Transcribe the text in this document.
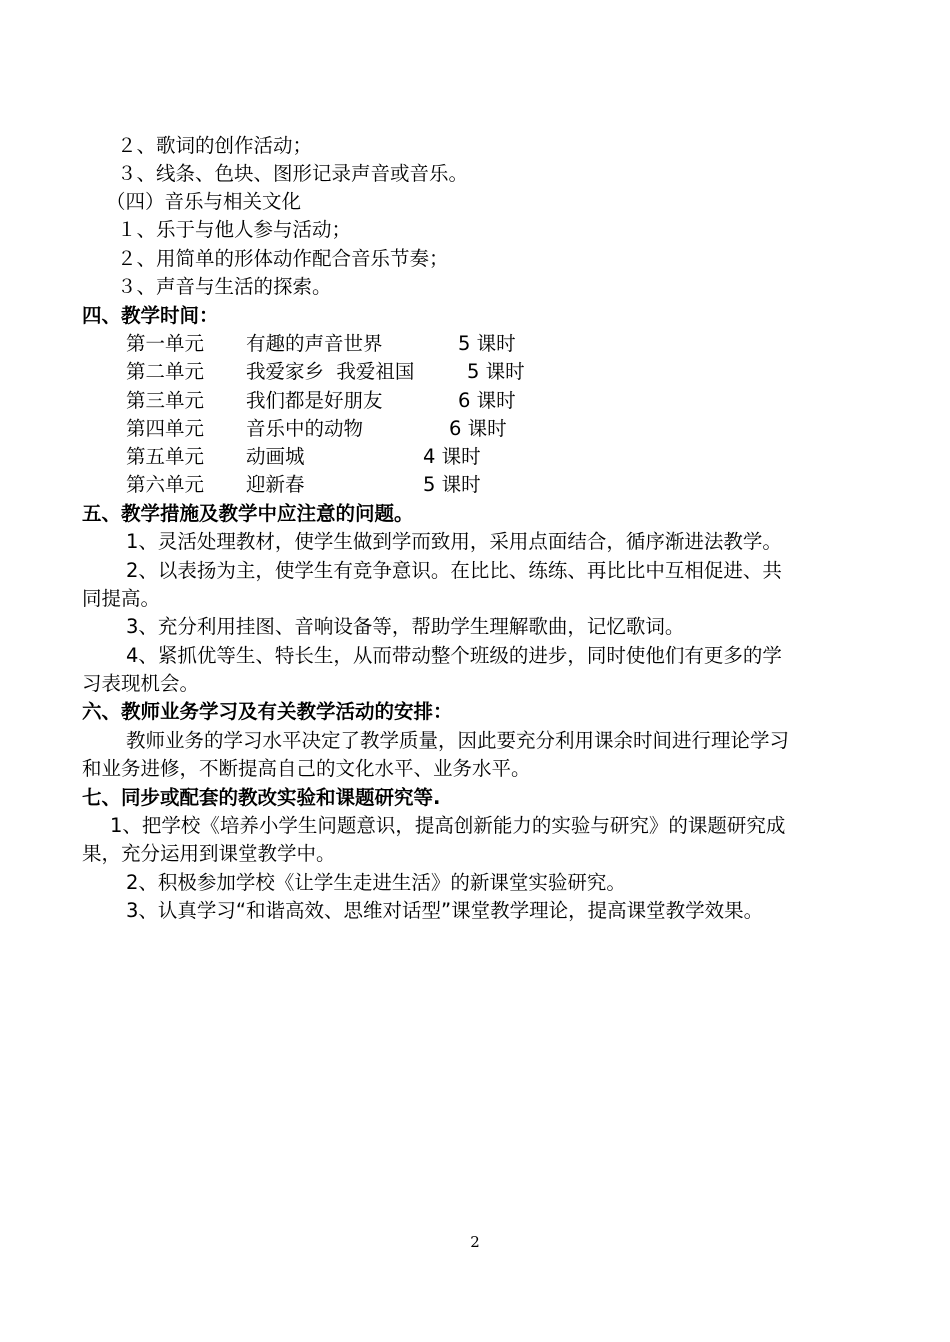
２、歌词的创作活动；
３、线条、色块、图形记录声音或音乐。
（四）音乐与相关文化
１、乐于与他人参与活动；
２、用简单的形体动作配合音乐节奏；
３、声音与生活的探索。
四、教学时间：
第一单元 有趣的声音世界	5 课时
第二单元 我爱家乡  我爱祖国	5 课时
第三单元 我们都是好朋友	6 课时
第四单元 音乐中的动物	6 课时
第五单元 动画城	4 课时
第六单元 迎新春	5 课时
五、教学措施及教学中应注意的问题。
1、灵活处理教材，使学生做到学而致用，采用点面结合，循序渐进法教学。
2、以表扬为主，使学生有竞争意识。在比比、练练、再比比中互相促进、共
同提高。
3、充分利用挂图、音响设备等，帮助学生理解歌曲，记忆歌词。
4、紧抓优等生、特长生，从而带动整个班级的进步，同时使他们有更多的学
习表现机会。
六、教师业务学习及有关教学活动的安排：
教师业务的学习水平决定了教学质量，因此要充分利用课余时间进行理论学习
和业务进修，不断提高自己的文化水平、业务水平。
七、同步或配套的教改实验和课题研究等.
1、把学校《培养小学生问题意识，提高创新能力的实验与研究》的课题研究成
果，充分运用到课堂教学中。
2、积极参加学校《让学生走进生活》的新课堂实验研究。
3、认真学习“和谐高效、思维对话型”课堂教学理论，提高课堂教学效果。
2
